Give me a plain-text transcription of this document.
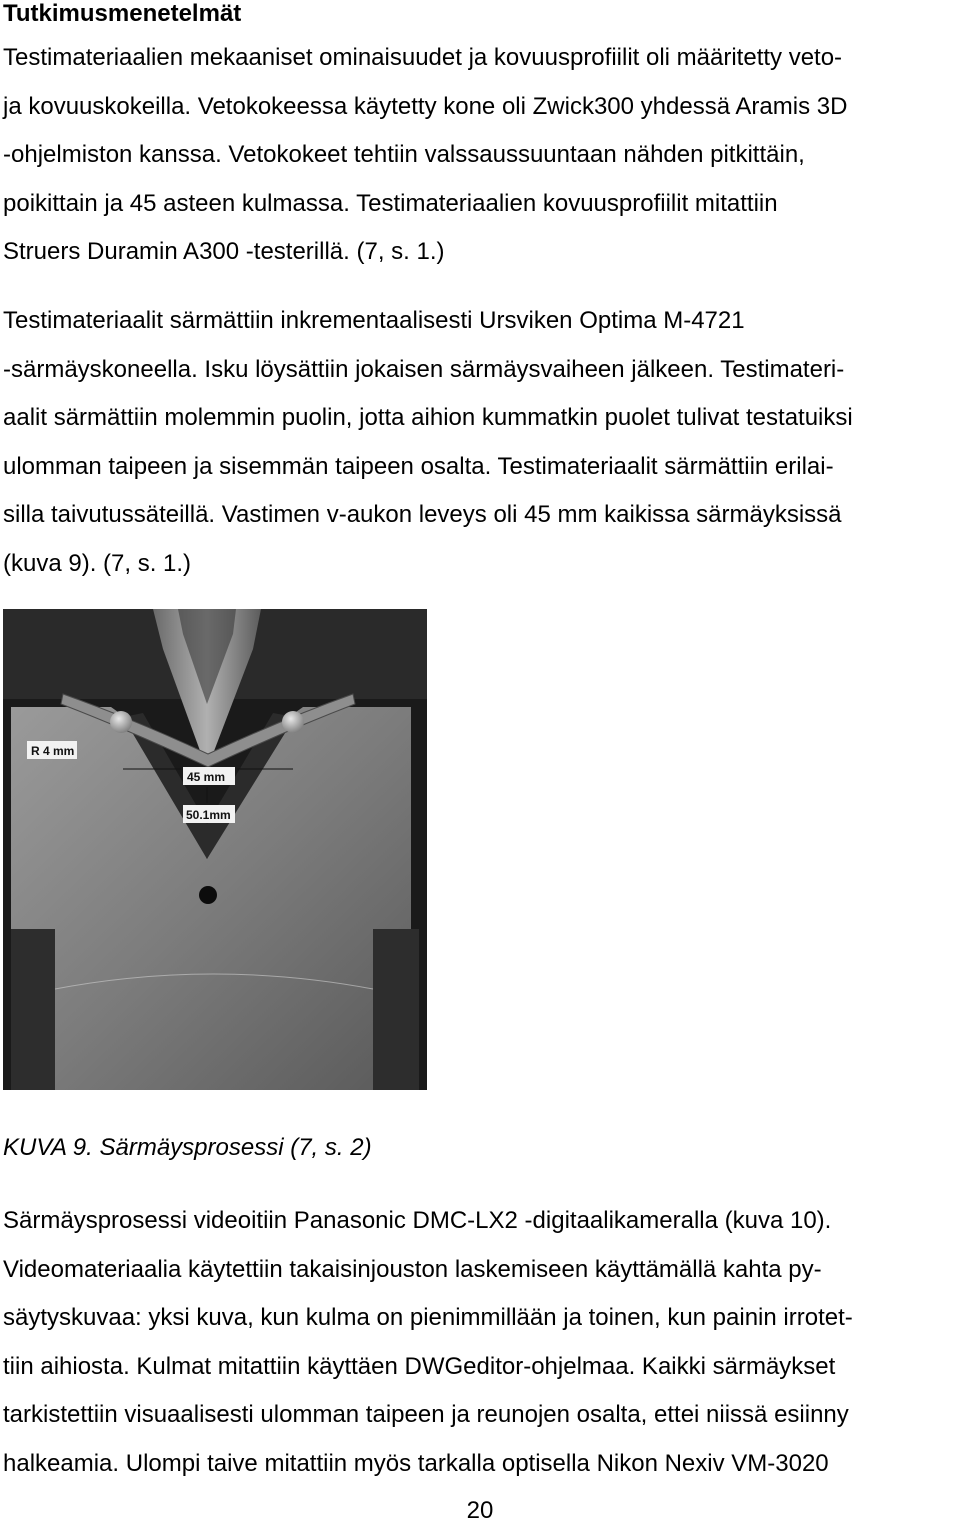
Tutkimusmenetelmät
Testimateriaalien mekaaniset ominaisuudet ja kovuusprofiilit oli määritetty veto-
ja kovuuskokeilla. Vetokokeessa käytetty kone oli Zwick300 yhdessä Aramis 3D
-ohjelmiston kanssa. Vetokokeet tehtiin valssaussuuntaan nähden pitkittäin,
poikittain ja 45 asteen kulmassa. Testimateriaalien kovuusprofiilit mitattiin
Struers Duramin A300 -testerillä. (7, s. 1.)
Testimateriaalit särmättiin inkrementaalisesti Ursviken Optima M-4721
-särmäyskoneella. Isku löysättiin jokaisen särmäysvaiheen jälkeen. Testimateri-
aalit särmättiin molemmin puolin, jotta aihion kummatkin puolet tulivat testatuiksi
ulomman taipeen ja sisemmän taipeen osalta. Testimateriaalit särmättiin erilai-
silla taivutussäteillä. Vastimen v-aukon leveys oli 45 mm kaikissa särmäyksissä
(kuva 9). (7, s. 1.)
R 4 mm
45 mm
50.1mm

KUVA 9. Särmäysprosessi (7, s. 2)

Särmäysprosessi videoitiin Panasonic DMC-LX2 -digitaalikameralla (kuva 10).
Videomateriaalia käytettiin takaisinjouston laskemiseen käyttämällä kahta py-
säytyskuvaa: yksi kuva, kun kulma on pienimmillään ja toinen, kun painin irrotet-
tiin aihiosta. Kulmat mitattiin käyttäen DWGeditor-ohjelmaa. Kaikki särmäykset
tarkistettiin visuaalisesti ulomman taipeen ja reunojen osalta, ettei niissä esiinny
halkeamia. Ulompi taive mitattiin myös tarkalla optisella Nikon Nexiv VM-3020
20
